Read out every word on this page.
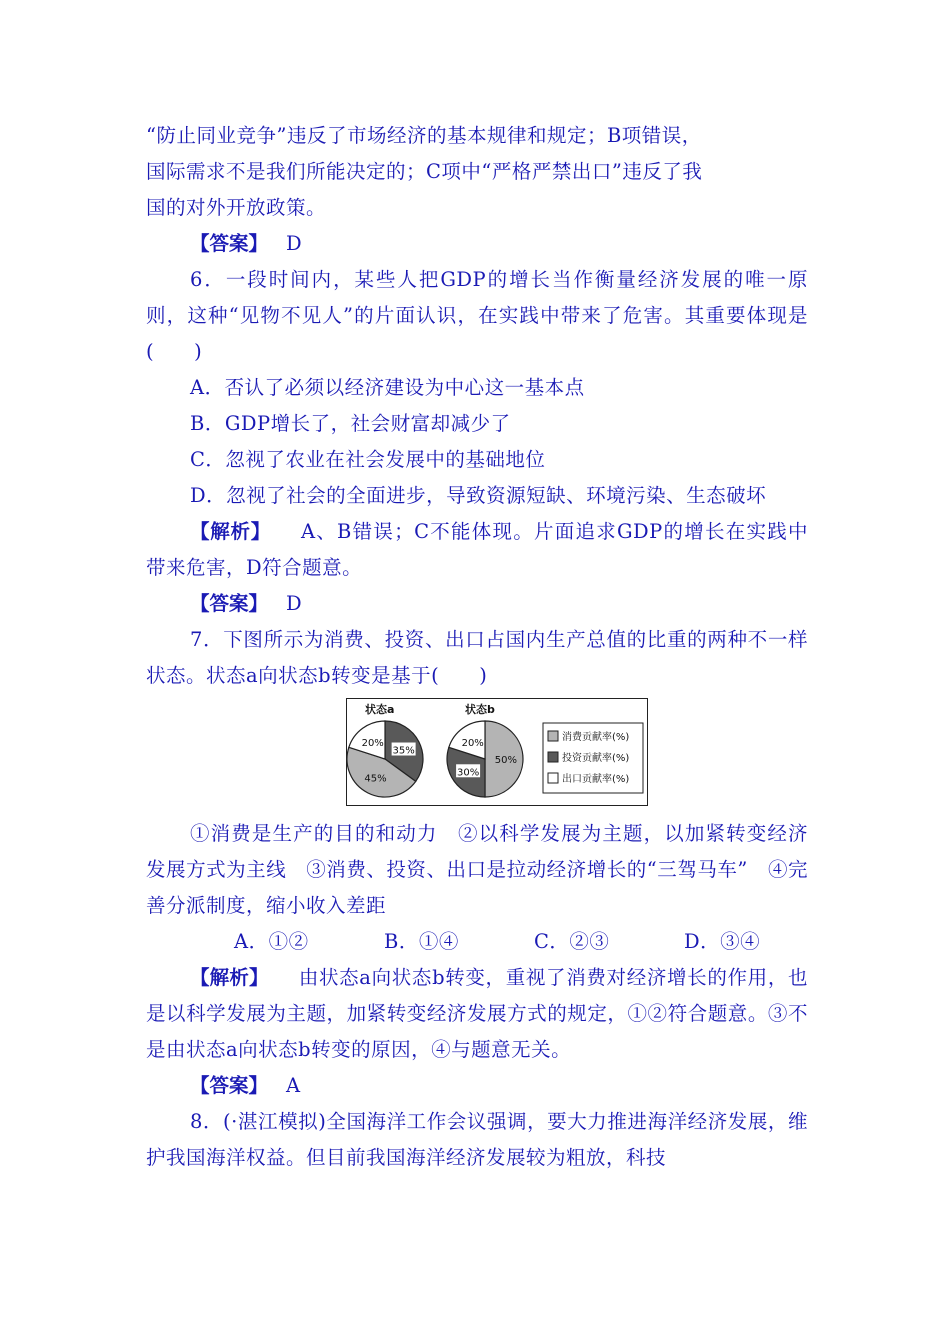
“防止同业竞争”违反了市场经济的基本规律和规定；B项错误，

国际需求不是我们所能决定的；C项中“严格严禁出口”违反了我

国的对外开放政策。

【答案】 D

6．一段时间内，某些人把GDP的增长当作衡量经济发展的唯一原则，这种“见物不见人”的片面认识，在实践中带来了危害。其重要体现是(　　)

A．否认了必须以经济建设为中心这一基本点

B．GDP增长了，社会财富却减少了

C．忽视了农业在社会发展中的基础地位

D．忽视了社会的全面进步，导致资源短缺、环境污染、生态破坏

【解析】 A、B错误；C不能体现。片面追求GDP的增长在实践中带来危害，D符合题意。

【答案】 D

7．下图所示为消费、投资、出口占国内生产总值的比重的两种不一样状态。状态a向状态b转变是基于(　　)

状态a
35%
45%
20%
状态b
50%
30%
20%
消费贡献率(%)
投资贡献率(%)
出口贡献率(%)

①消费是生产的目的和动力　②以科学发展为主题，以加紧转变经济发展方式为主线　③消费、投资、出口是拉动经济增长的“三驾马车”　④完善分派制度，缩小收入差距

A．①②	B．①④	C．②③	D．③④

【解析】 由状态a向状态b转变，重视了消费对经济增长的作用，也是以科学发展为主题，加紧转变经济发展方式的规定，①②符合题意。③不是由状态a向状态b转变的原因，④与题意无关。

【答案】 A

8．(·湛江模拟)全国海洋工作会议强调，要大力推进海洋经济发展，维护我国海洋权益。但目前我国海洋经济发展较为粗放，科技
